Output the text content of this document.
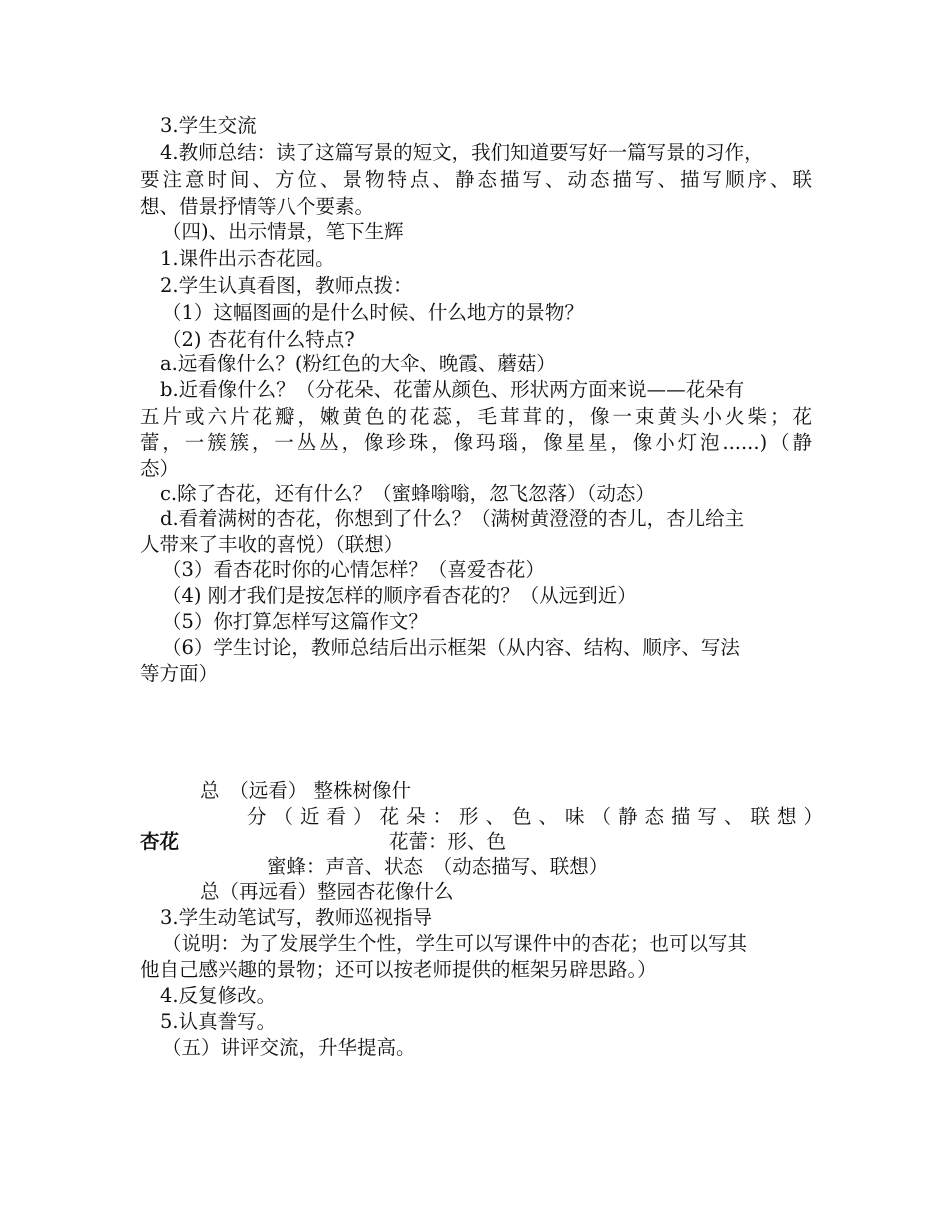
3.学生交流

4.教师总结：读了这篇写景的短文，我们知道要写好一篇写景的习作，

要注意时间、方位、景物特点、静态描写、动态描写、描写顺序、联

想、借景抒情等八个要素。

（四)、出示情景，笔下生辉

1.课件出示杏花园。

2.学生认真看图，教师点拨：

（1）这幅图画的是什么时候、什么地方的景物？

（2) 杏花有什么特点?

a.远看像什么？(粉红色的大伞、晚霞、蘑菇）

b.近看像什么？（分花朵、花蕾从颜色、形状两方面来说——花朵有

五片或六片花瓣，嫩黄色的花蕊，毛茸茸的，像一束黄头小火柴；花

蕾，一簇簇，一丛丛，像珍珠，像玛瑙，像星星，像小灯泡......)（静

态）

c.除了杏花，还有什么？（蜜蜂嗡嗡，忽飞忽落）（动态）

d.看着满树的杏花，你想到了什么？（满树黄澄澄的杏儿，杏儿给主

人带来了丰收的喜悦）（联想）

（3）看杏花时你的心情怎样？（喜爱杏花）

（4) 刚才我们是按怎样的顺序看杏花的？（从远到近）

（5）你打算怎样写这篇作文？

（6）学生讨论，教师总结后出示框架（从内容、结构、顺序、写法

等方面）

总　（远看） 整株树像什

分（近看）花朵：形、色、味（静态描写、联想）

杏花	花蕾：形、色

蜜蜂：声音、状态　（动态描写、联想）

总（再远看）整园杏花像什么

3.学生动笔试写，教师巡视指导

（说明：为了发展学生个性，学生可以写课件中的杏花；也可以写其

他自己感兴趣的景物；还可以按老师提供的框架另辟思路。）

4.反复修改。

5.认真誊写。

（五）讲评交流，升华提高。
